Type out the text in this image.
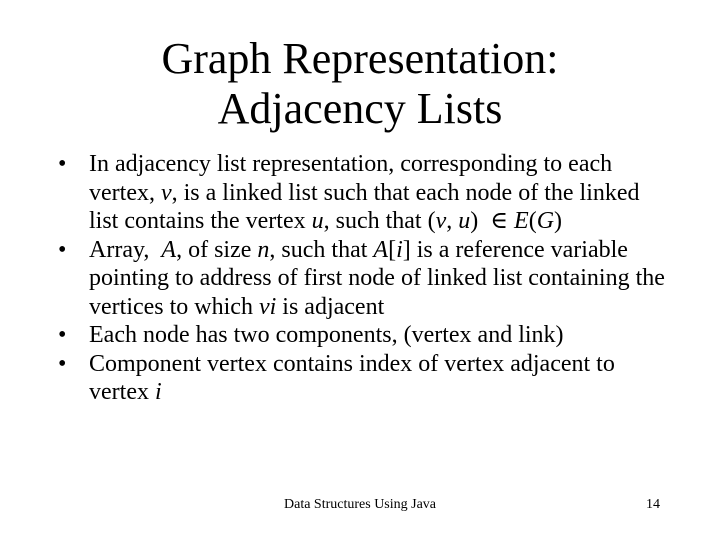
Graph Representation:
Adjacency Lists
• In adjacency list representation, corresponding to each vertex, v, is a linked list such that each node of the linked list contains the vertex u, such that (v, u)  ∈ E(G)
• Array,  A, of size n, such that A[i] is a reference variable pointing to address of first node of linked list containing the vertices to which vi is adjacent
• Each node has two components, (vertex and link)
• Component vertex contains index of vertex adjacent to vertex i
Data Structures Using Java	14
